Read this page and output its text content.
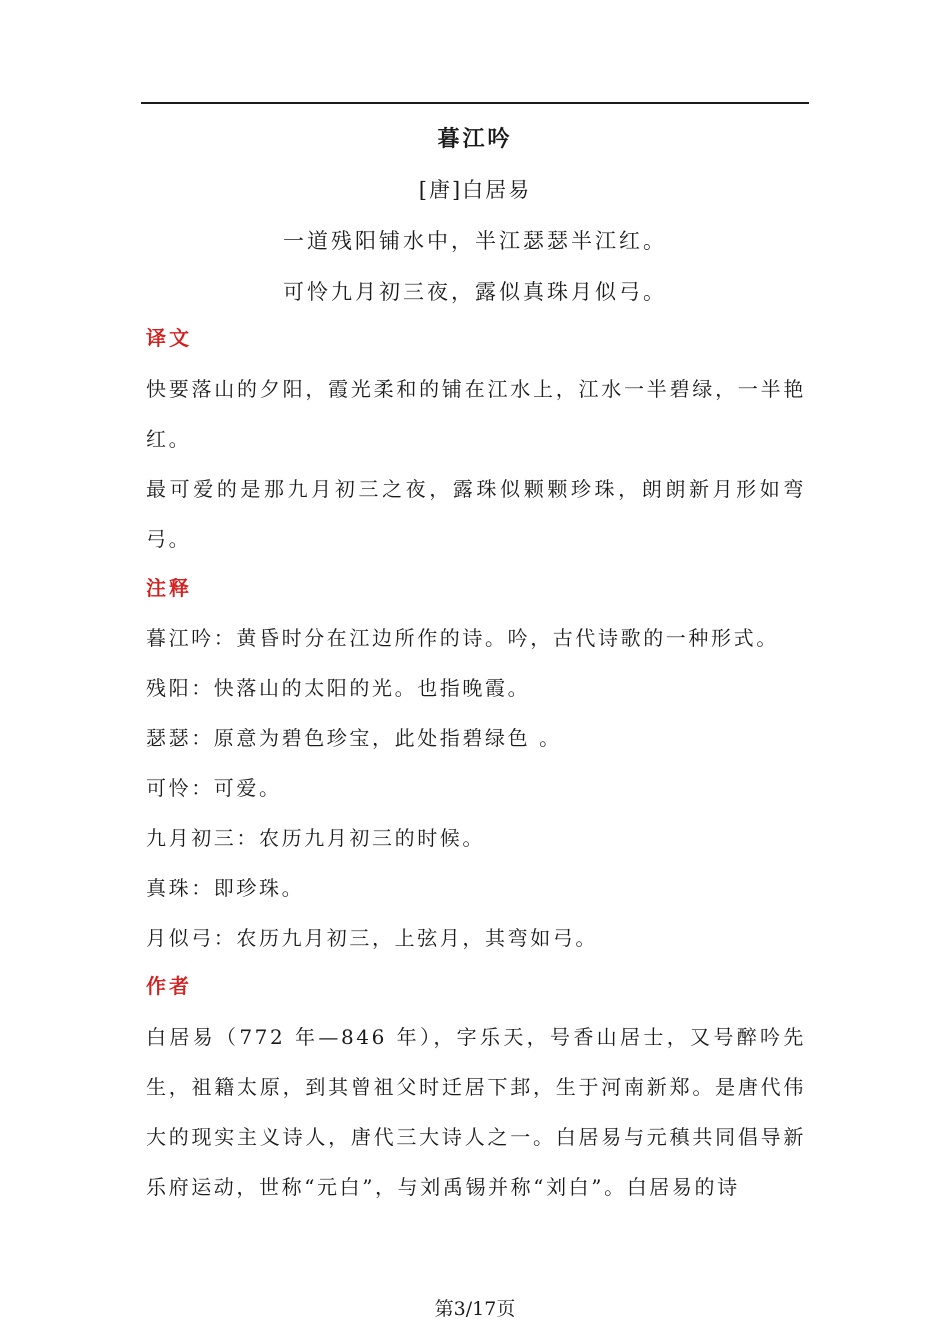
暮江吟
[唐]白居易
一道残阳铺水中，半江瑟瑟半江红。
可怜九月初三夜，露似真珠月似弓。
译文
快要落山的夕阳，霞光柔和的铺在江水上，江水一半碧绿，一半艳红。
最可爱的是那九月初三之夜，露珠似颗颗珍珠，朗朗新月形如弯弓。
注释
暮江吟：黄昏时分在江边所作的诗。吟，古代诗歌的一种形式。
残阳：快落山的太阳的光。也指晚霞。
瑟瑟：原意为碧色珍宝，此处指碧绿色 。
可怜：可爱。
九月初三：农历九月初三的时候。
真珠：即珍珠。
月似弓：农历九月初三，上弦月，其弯如弓。
作者
白居易（772 年—846 年），字乐天，号香山居士，又号醉吟先生，祖籍太原，到其曾祖父时迁居下邽，生于河南新郑。是唐代伟大的现实主义诗人，唐代三大诗人之一。白居易与元稹共同倡导新乐府运动，世称“元白”，与刘禹锡并称“刘白”。白居易的诗
第3/17页
